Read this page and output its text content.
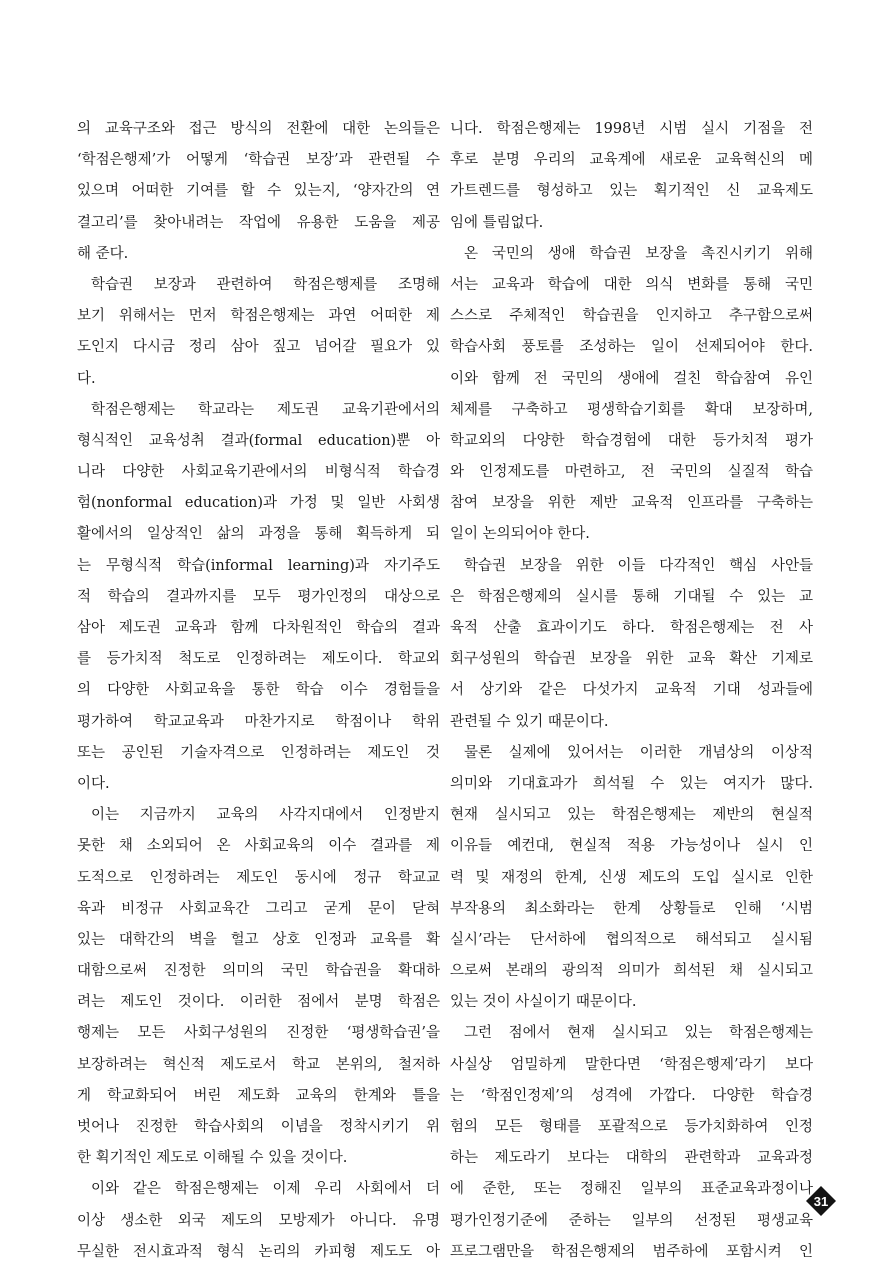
의 교육구조와 접근 방식의 전환에 대한 논의들은

‘학점은행제’가 어떻게 ‘학습권 보장’과 관련될 수

있으며 어떠한 기여를 할 수 있는지, ‘양자간의 연

결고리’를 찾아내려는 작업에 유용한 도움을 제공

해 준다.

학습권 보장과 관련하여 학점은행제를 조명해

보기 위해서는 먼저 학점은행제는 과연 어떠한 제

도인지 다시금 정리 삼아 짚고 넘어갈 필요가 있

다.

학점은행제는 학교라는 제도권 교육기관에서의

형식적인 교육성취 결과(formal education)뿐 아

니라 다양한 사회교육기관에서의 비형식적 학습경

험(nonformal education)과 가정 및 일반 사회생

활에서의 일상적인 삶의 과정을 통해 획득하게 되

는 무형식적 학습(informal learning)과 자기주도

적 학습의 결과까지를 모두 평가인정의 대상으로

삼아 제도권 교육과 함께 다차원적인 학습의 결과

를 등가치적 척도로 인정하려는 제도이다. 학교외

의 다양한 사회교육을 통한 학습 이수 경험들을

평가하여 학교교육과 마찬가지로 학점이나 학위

또는 공인된 기술자격으로 인정하려는 제도인 것

이다.

이는 지금까지 교육의 사각지대에서 인정받지

못한 채 소외되어 온 사회교육의 이수 결과를 제

도적으로 인정하려는 제도인 동시에 정규 학교교

육과 비정규 사회교육간 그리고 굳게 문이 닫혀

있는 대학간의 벽을 헐고 상호 인정과 교육를 확

대함으로써 진정한 의미의 국민 학습권을 확대하

려는 제도인 것이다. 이러한 점에서 분명 학점은

행제는 모든 사회구성원의 진정한 ‘평생학습권’을

보장하려는 혁신적 제도로서 학교 본위의, 철저하

게 학교화되어 버린 제도화 교육의 한계와 틀을

벗어나 진정한 학습사회의 이념을 정착시키기 위

한 획기적인 제도로 이해될 수 있을 것이다.

이와 같은 학점은행제는 이제 우리 사회에서 더

이상 생소한 외국 제도의 모방제가 아니다. 유명

무실한 전시효과적 형식 논리의 카피형 제도도 아

니다. 학점은행제는 1998년 시범 실시 기점을 전

후로 분명 우리의 교육계에 새로운 교육혁신의 메

가트렌드를 형성하고 있는 획기적인 신 교육제도

임에 틀림없다.

온 국민의 생애 학습권 보장을 촉진시키기 위해

서는 교육과 학습에 대한 의식 변화를 통해 국민

스스로 주체적인 학습권을 인지하고 추구함으로써

학습사회 풍토를 조성하는 일이 선제되어야 한다.

이와 함께 전 국민의 생애에 걸친 학습참여 유인

체제를 구축하고 평생학습기회를 확대 보장하며,

학교외의 다양한 학습경험에 대한 등가치적 평가

와 인정제도를 마련하고, 전 국민의 실질적 학습

참여 보장을 위한 제반 교육적 인프라를 구축하는

일이 논의되어야 한다.

학습권 보장을 위한 이들 다각적인 핵심 사안들

은 학점은행제의 실시를 통해 기대될 수 있는 교

육적 산출 효과이기도 하다. 학점은행제는 전 사

회구성원의 학습권 보장을 위한 교육 확산 기제로

서 상기와 같은 다섯가지 교육적 기대 성과들에

관련될 수 있기 때문이다.

물론 실제에 있어서는 이러한 개념상의 이상적

의미와 기대효과가 희석될 수 있는 여지가 많다.

현재 실시되고 있는 학점은행제는 제반의 현실적

이유들 예컨대, 현실적 적용 가능성이나 실시 인

력 및 재정의 한계, 신생 제도의 도입 실시로 인한

부작용의 최소화라는 한계 상황들로 인해 ‘시범

실시’라는 단서하에 협의적으로 해석되고 실시됨

으로써 본래의 광의적 의미가 희석된 채 실시되고

있는 것이 사실이기 때문이다.

그런 점에서 현재 실시되고 있는 학점은행제는

사실상 엄밀하게 말한다면 ‘학점은행제’라기 보다

는 ‘학점인정제’의 성격에 가깝다. 다양한 학습경

험의 모든 형태를 포괄적으로 등가치화하여 인정

하는 제도라기 보다는 대학의 관련학과 교육과정

에 준한, 또는 정해진 일부의 표준교육과정이나

평가인정기준에 준하는 일부의 선정된 평생교육

프로그램만을 학점은행제의 범주하에 포함시켜 인

31
